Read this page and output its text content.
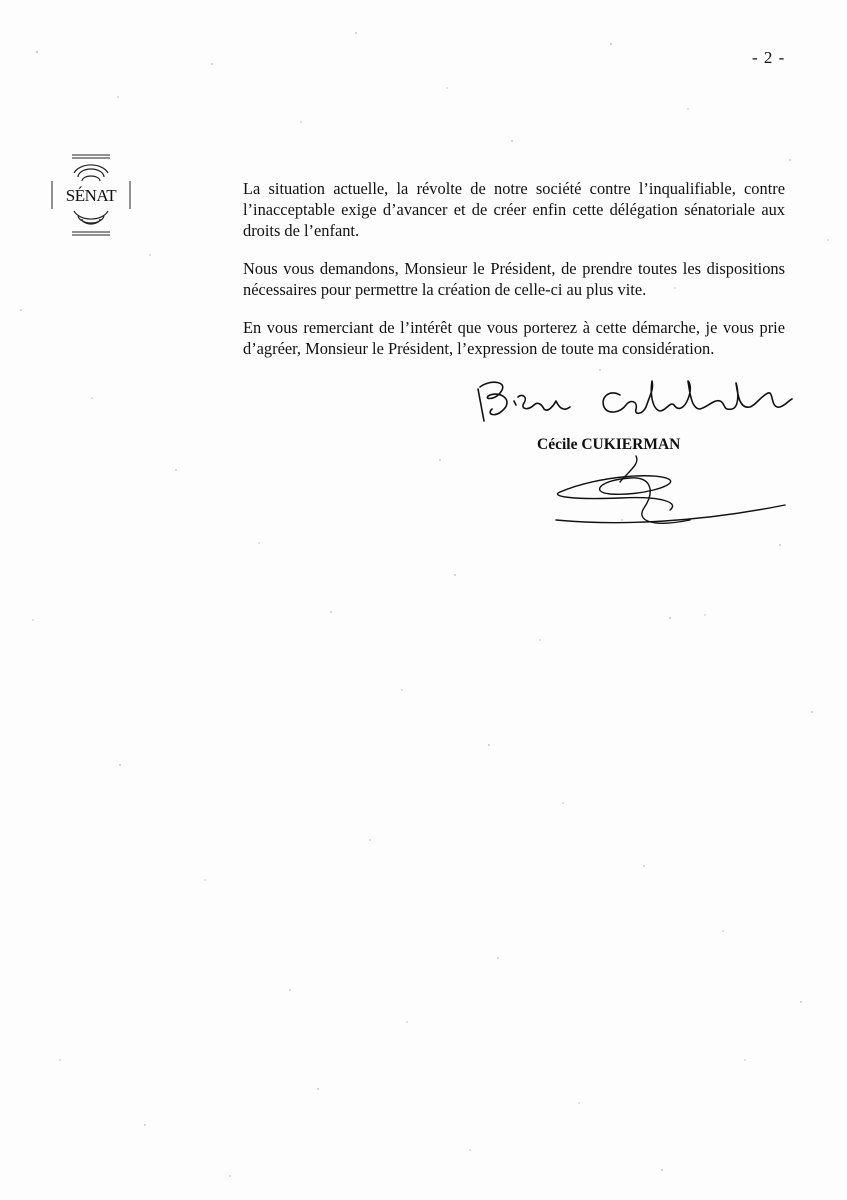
- 2 -
SÉNAT	La situation actuelle, la révolte de notre société contre l’inqualifiable, contre l’inacceptable exige d’avancer et de créer enfin cette délégation sénatoriale aux droits de l’enfant.

Nous vous demandons, Monsieur le Président, de prendre toutes les dispositions nécessaires pour permettre la création de celle-ci au plus vite.

En vous remerciant de l’intérêt que vous porterez à cette démarche, je vous prie d’agréer, Monsieur le Président, l’expression de toute ma considération.

Cécile CUKIERMAN
